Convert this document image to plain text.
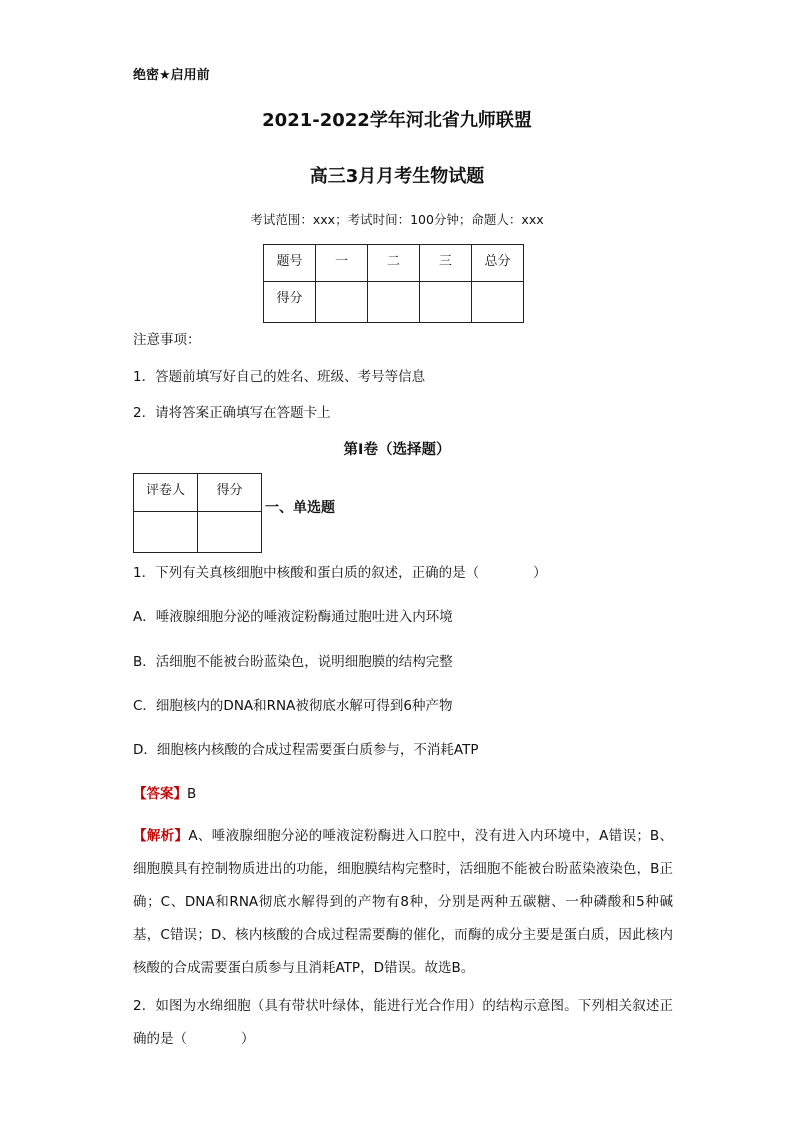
绝密★启用前
2021-2022学年河北省九师联盟
高三3月月考生物试题
考试范围：xxx；考试时间：100分钟；命题人：xxx
题号	一	二	三	总分
得分				
注意事项：
1．答题前填写好自己的姓名、班级、考号等信息
2．请将答案正确填写在答题卡上
第I卷（选择题）
评卷人	得分

一、单选题
1．下列有关真核细胞中核酸和蛋白质的叙述，正确的是（　　　　）
A．唾液腺细胞分泌的唾液淀粉酶通过胞吐进入内环境
B．活细胞不能被台盼蓝染色，说明细胞膜的结构完整
C．细胞核内的DNA和RNA被彻底水解可得到6种产物
D．细胞核内核酸的合成过程需要蛋白质参与，不消耗ATP
【答案】B
【解析】A、唾液腺细胞分泌的唾液淀粉酶进入口腔中，没有进入内环境中，A错误；B、细胞膜具有控制物质进出的功能，细胞膜结构完整时，活细胞不能被台盼蓝染液染色，B正确；C、DNA和RNA彻底水解得到的产物有8种，分别是两种五碳糖、一种磷酸和5种碱基，C错误；D、核内核酸的合成过程需要酶的催化，而酶的成分主要是蛋白质，因此核内核酸的合成需要蛋白质参与且消耗ATP，D错误。故选B。
2．如图为水绵细胞（具有带状叶绿体，能进行光合作用）的结构示意图。下列相关叙述正确的是（　　　　）
